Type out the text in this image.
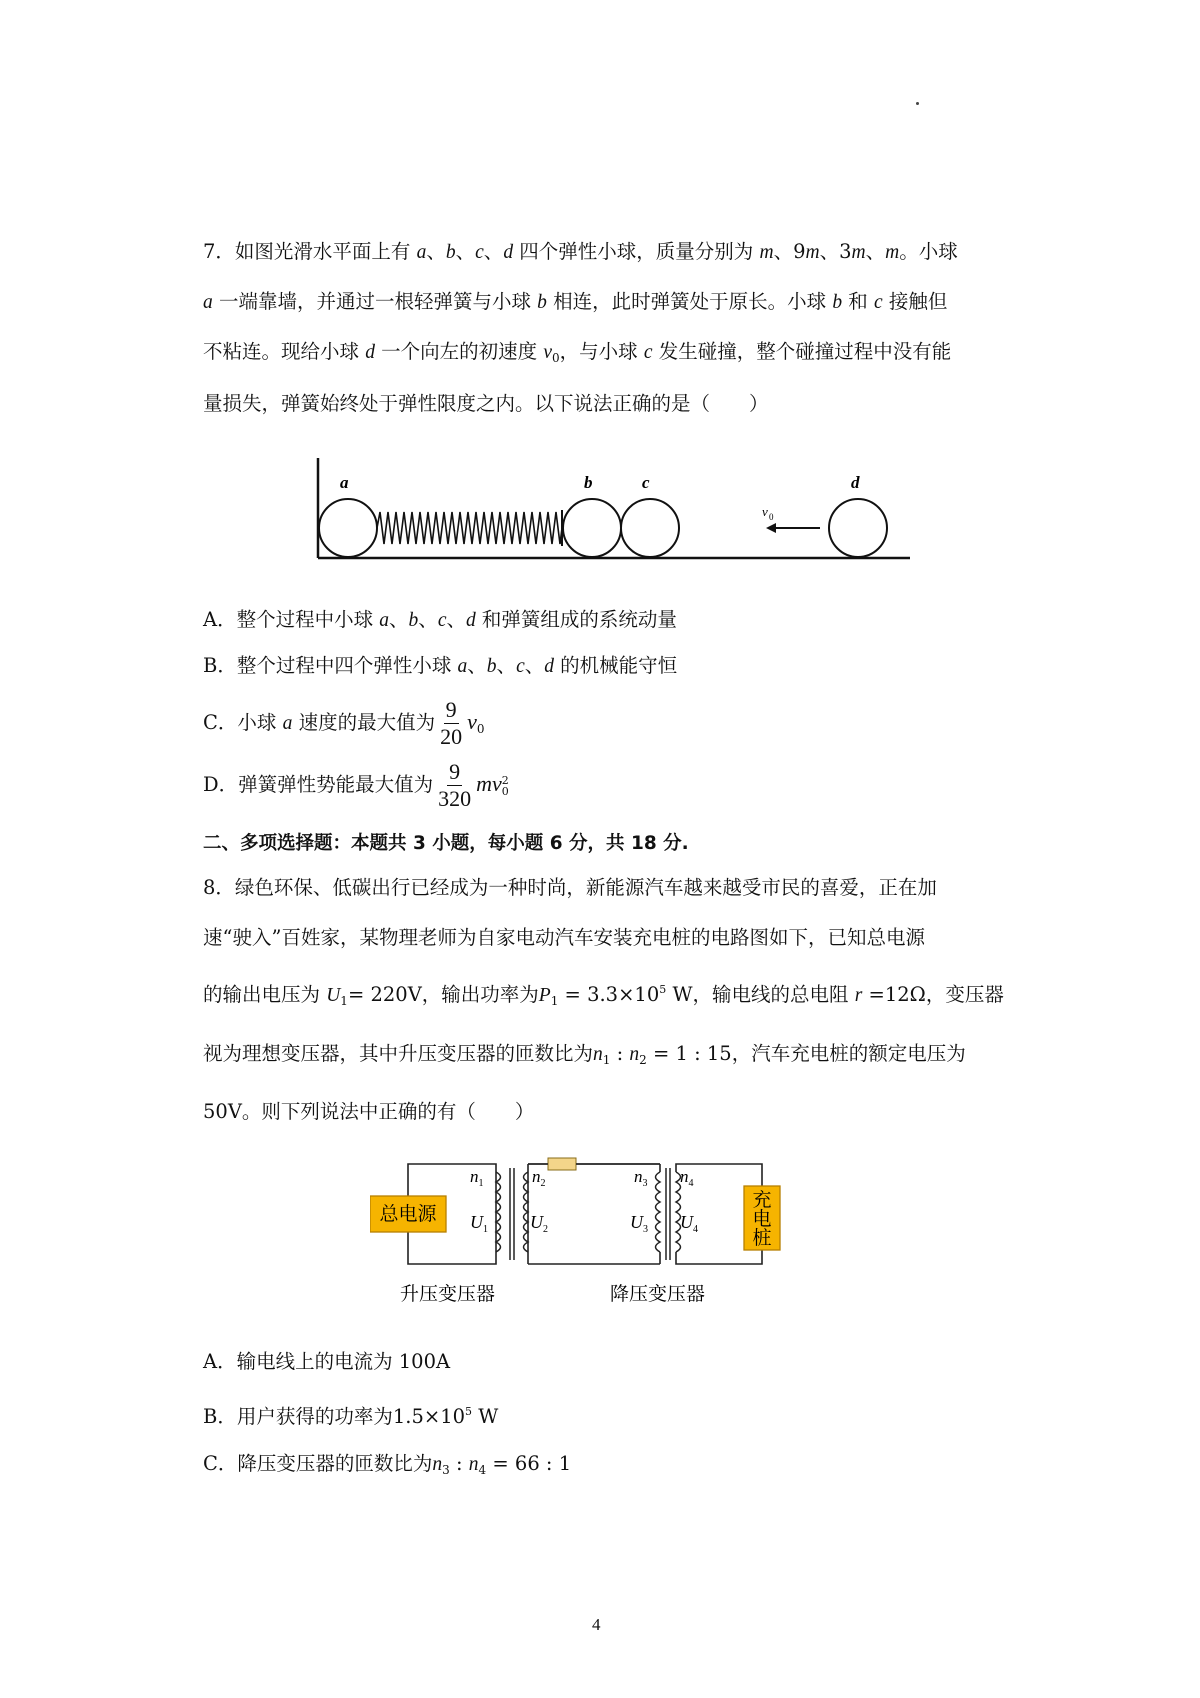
7．如图光滑水平面上有 a、b、c、d 四个弹性小球，质量分别为 m、9m、3m、m。小球
a 一端靠墙，并通过一根轻弹簧与小球 b 相连，此时弹簧处于原长。小球 b 和 c 接触但
不粘连。现给小球 d 一个向左的初速度 $v_0$，与小球 c 发生碰撞，整个碰撞过程中没有能
量损失，弹簧始终处于弹性限度之内。以下说法正确的是（　　）
a	b	c	d
v 0
A．整个过程中小球 a、b、c、d 和弹簧组成的系统动量
B．整个过程中四个弹性小球 a、b、c、d 的机械能守恒
C．小球 a 速度的最大值为 $\frac{9}{20} v_0$
D．弹簧弹性势能最大值为 $\frac{9}{320}$ mv 2
0
二、多项选择题：本题共 3 小题，每小题 6 分，共 18 分.
8．绿色环保、低碳出行已经成为一种时尚，新能源汽车越来越受市民的喜爱，正在加
速“驶入”百姓家，某物理老师为自家电动汽车安装充电桩的电路图如下，已知总电源
的输出电压为 $U_1= 220V$，输出功率为$P_1 = 3.3\times 10^5$ W，输电线的总电阻 r =12Ω，变压器
视为理想变压器，其中升压变压器的匝数比为$n_1$ : $n_2 = 1$ : 15，汽车充电桩的额定电压为
50V。则下列说法中正确的有（　　）
总电源
充
电
桩
$n_1$	$n_2$
$U_1$ $U_2$
$n_3$ $n_4$
$U_3$ $U_4$
升压变压器	降压变压器
A．输电线上的电流为 100A
B．用户获得的功率为$1.5\times 10^5$ W
C．降压变压器的匝数比为$n_3$ : $n_4 = 66$ : 1
4
